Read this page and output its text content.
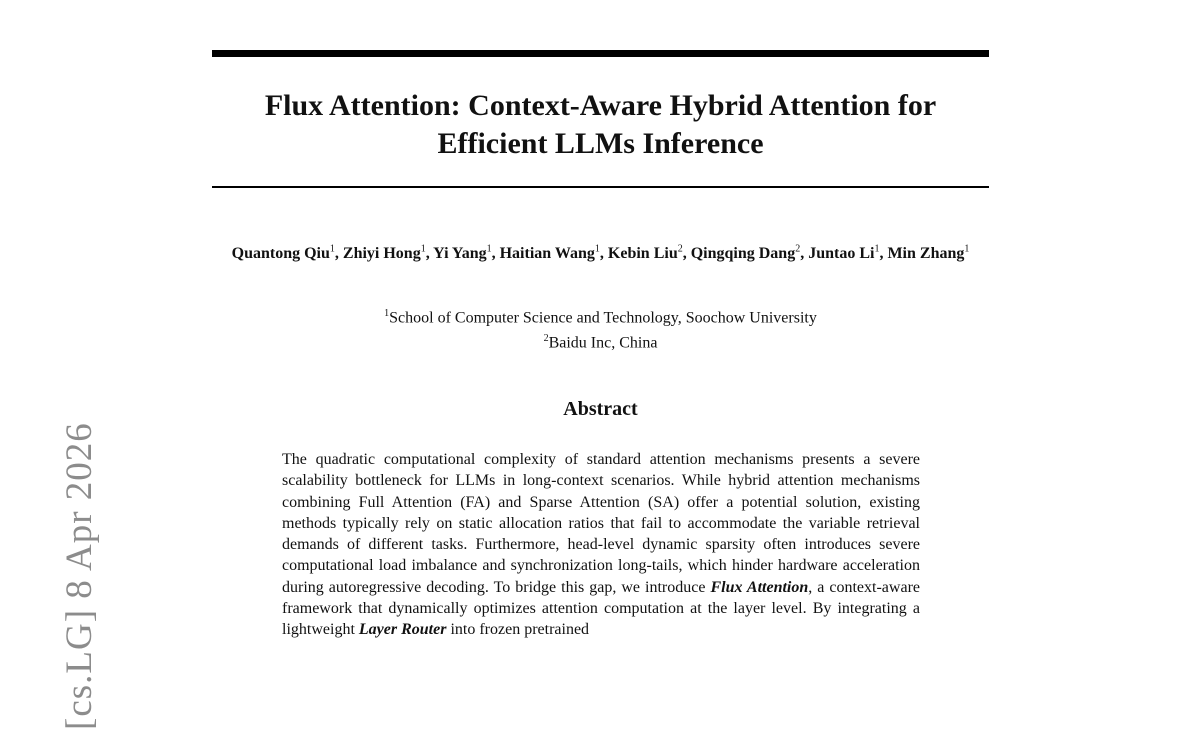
Flux Attention: Context-Aware Hybrid Attention for
Efficient LLMs Inference
Quantong Qiu$^1$, Zhiyi Hong$^1$, Yi Yang$^1$, Haitian Wang$^1$, Kebin Liu$^2$, Qingqing Dang$^2$, Juntao Li$^1$, Min Zhang$^1$
$^1$School of Computer Science and Technology, Soochow University
$^2$Baidu Inc, China
Abstract
The quadratic computational complexity of standard attention mechanisms presents a severe scalability bottleneck for LLMs in long-context scenarios. While hybrid attention mechanisms combining Full Attention (FA) and Sparse Attention (SA) offer a potential solution, existing methods typically rely on static allocation ratios that fail to accommodate the variable retrieval demands of different tasks. Furthermore, head-level dynamic sparsity often introduces severe computational load imbalance and synchronization long-tails, which hinder hardware acceleration during autoregressive decoding. To bridge this gap, we introduce Flux Attention, a context-aware framework that dynamically optimizes attention computation at the layer level. By integrating a lightweight Layer Router into frozen pretrained
[cs.LG] 8 Apr 2026
